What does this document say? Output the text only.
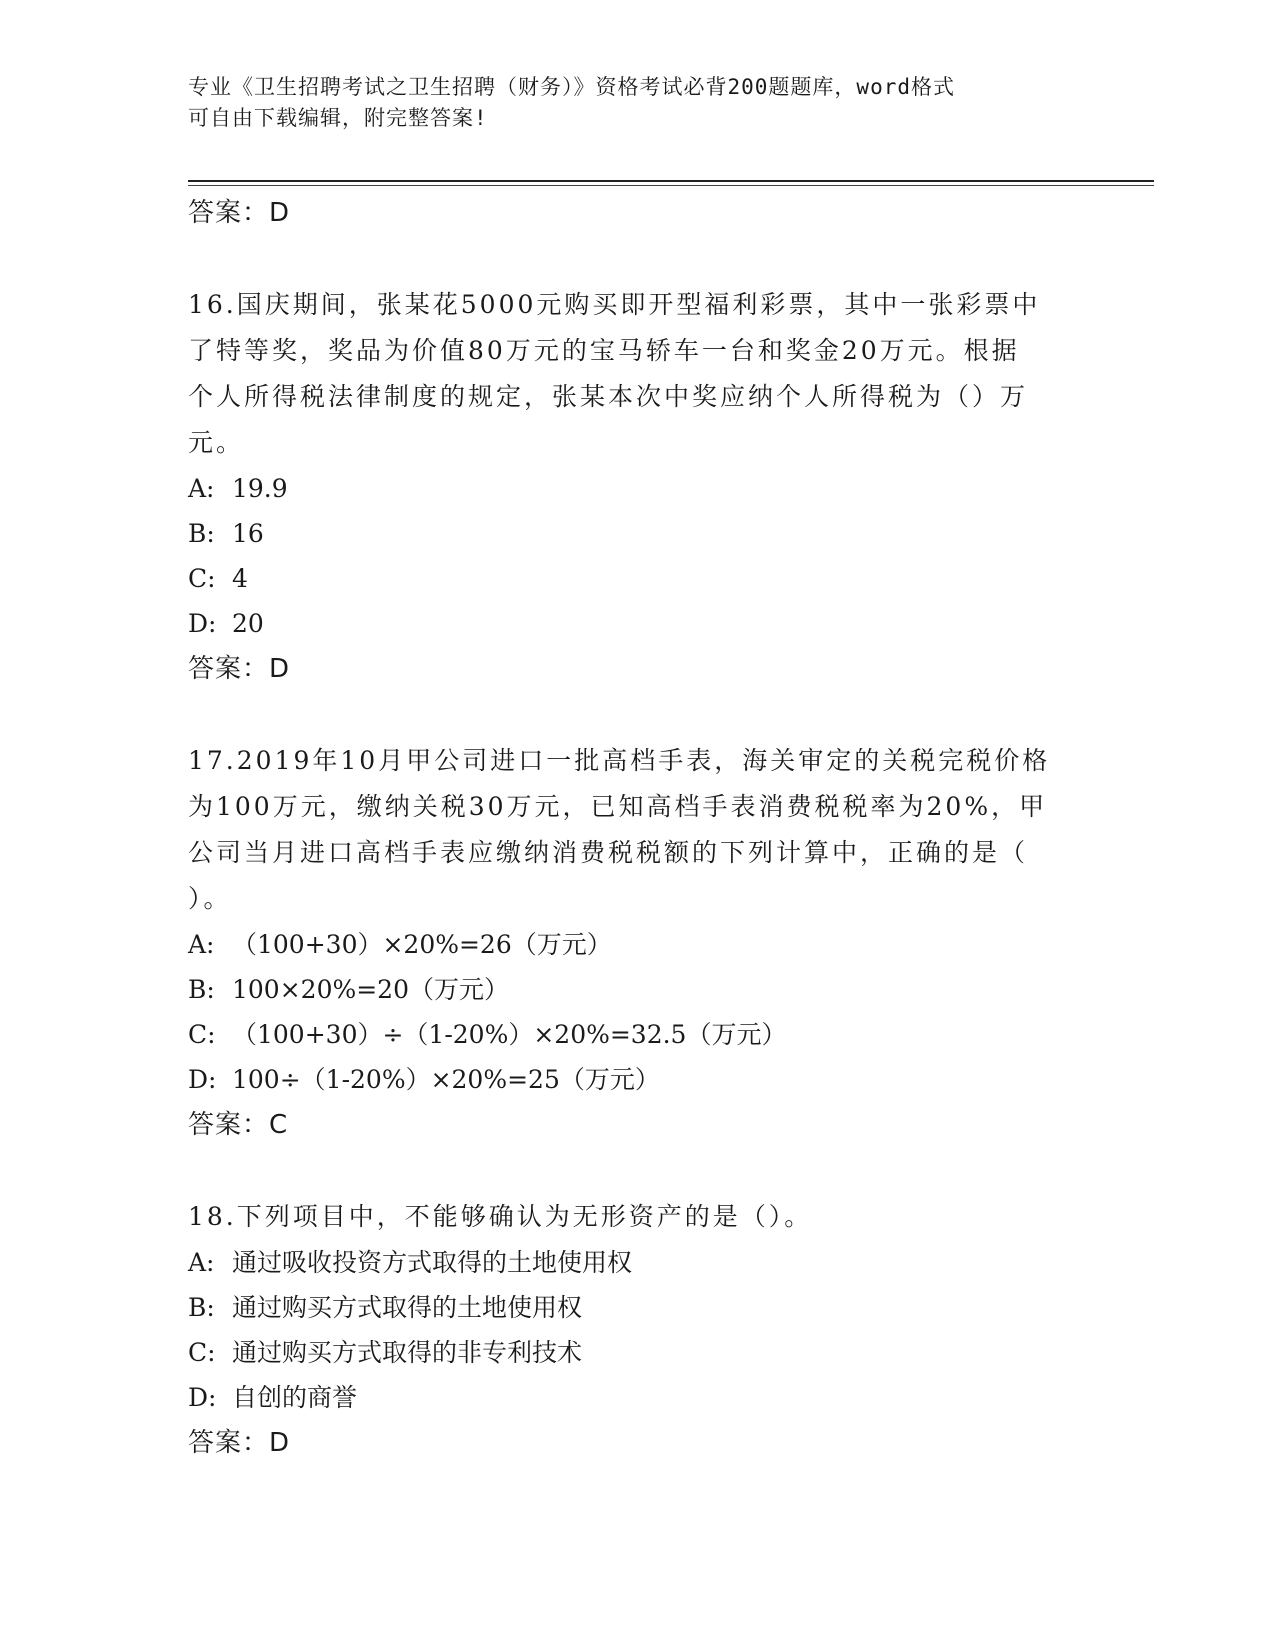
专业《卫生招聘考试之卫生招聘（财务）》资格考试必背200题题库，word格式
可自由下载编辑，附完整答案!
答案：D
16.国庆期间，张某花5000元购买即开型福利彩票，其中一张彩票中
了特等奖，奖品为价值80万元的宝马轿车一台和奖金20万元。根据
个人所得税法律制度的规定，张某本次中奖应纳个人所得税为（）万
元。
A: 19.9
B: 16
C: 4
D: 20
答案：D
17.2019年10月甲公司进口一批高档手表，海关审定的关税完税价格
为100万元，缴纳关税30万元，已知高档手表消费税税率为20%，甲
公司当月进口高档手表应缴纳消费税税额的下列计算中，正确的是（
）。
A: （100+30）×20%=26（万元）
B: 100×20%=20（万元）
C: （100+30）÷（1-20%）×20%=32.5（万元）
D: 100÷（1-20%）×20%=25（万元）
答案：C
18.下列项目中，不能够确认为无形资产的是（）。
A: 通过吸收投资方式取得的土地使用权
B: 通过购买方式取得的土地使用权
C: 通过购买方式取得的非专利技术
D: 自创的商誉
答案：D
